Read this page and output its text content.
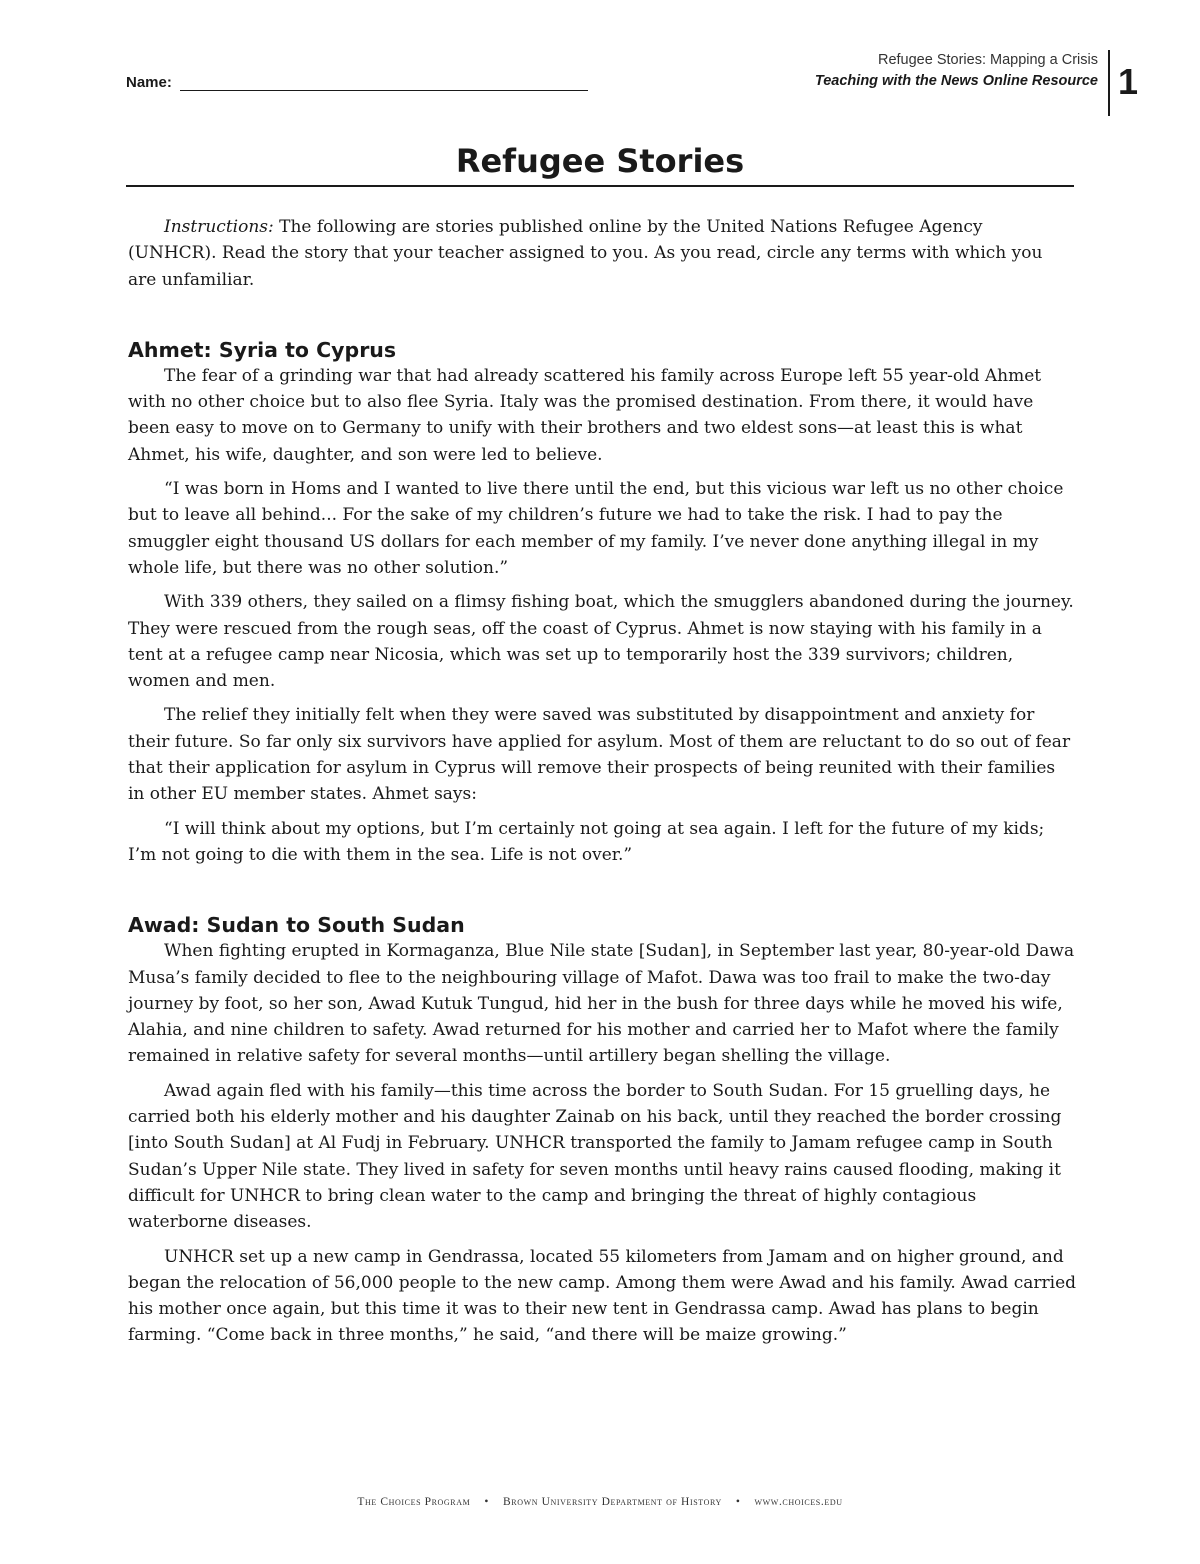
Name:
Refugee Stories: Mapping a Crisis
Teaching with the News Online Resource 1
Refugee Stories

Instructions: The following are stories published online by the United Nations Refugee Agency (UNHCR). Read the story that your teacher assigned to you. As you read, circle any terms with which you are unfamiliar.

Ahmet: Syria to Cyprus

The fear of a grinding war that had already scattered his family across Europe left 55 year-old Ahmet with no other choice but to also flee Syria. Italy was the promised destination. From there, it would have been easy to move on to Germany to unify with their brothers and two eldest sons—at least this is what Ahmet, his wife, daughter, and son were led to believe.

“I was born in Homs and I wanted to live there until the end, but this vicious war left us no other choice but to leave all behind... For the sake of my children’s future we had to take the risk. I had to pay the smuggler eight thousand US dollars for each member of my family. I’ve never done anything illegal in my whole life, but there was no other solution.”

With 339 others, they sailed on a flimsy fishing boat, which the smugglers abandoned during the journey. They were rescued from the rough seas, off the coast of Cyprus. Ahmet is now staying with his family in a tent at a refugee camp near Nicosia, which was set up to temporarily host the 339 survivors; children, women and men.

The relief they initially felt when they were saved was substituted by disappointment and anxiety for their future. So far only six survivors have applied for asylum. Most of them are reluctant to do so out of fear that their application for asylum in Cyprus will remove their prospects of being reunited with their families in other EU member states. Ahmet says:

“I will think about my options, but I’m certainly not going at sea again. I left for the future of my kids; I’m not going to die with them in the sea. Life is not over.”

Awad: Sudan to South Sudan

When fighting erupted in Kormaganza, Blue Nile state [Sudan], in September last year, 80-year-old Dawa Musa’s family decided to flee to the neighbouring village of Mafot. Dawa was too frail to make the two-day journey by foot, so her son, Awad Kutuk Tungud, hid her in the bush for three days while he moved his wife, Alahia, and nine children to safety. Awad returned for his mother and carried her to Mafot where the family remained in relative safety for several months—until artillery began shelling the village.

Awad again fled with his family—this time across the border to South Sudan. For 15 gruelling days, he carried both his elderly mother and his daughter Zainab on his back, until they reached the border crossing [into South Sudan] at Al Fudj in February. UNHCR transported the family to Jamam refugee camp in South Sudan’s Upper Nile state. They lived in safety for seven months until heavy rains caused flooding, making it difficult for UNHCR to bring clean water to the camp and bringing the threat of highly contagious waterborne diseases.

UNHCR set up a new camp in Gendrassa, located 55 kilometers from Jamam and on higher ground, and began the relocation of 56,000 people to the new camp. Among them were Awad and his family. Awad carried his mother once again, but this time it was to their new tent in Gendrassa camp. Awad has plans to begin farming. “Come back in three months,” he said, “and there will be maize growing.”

The Choices Program • Brown University Department of History • www.choices.edu
